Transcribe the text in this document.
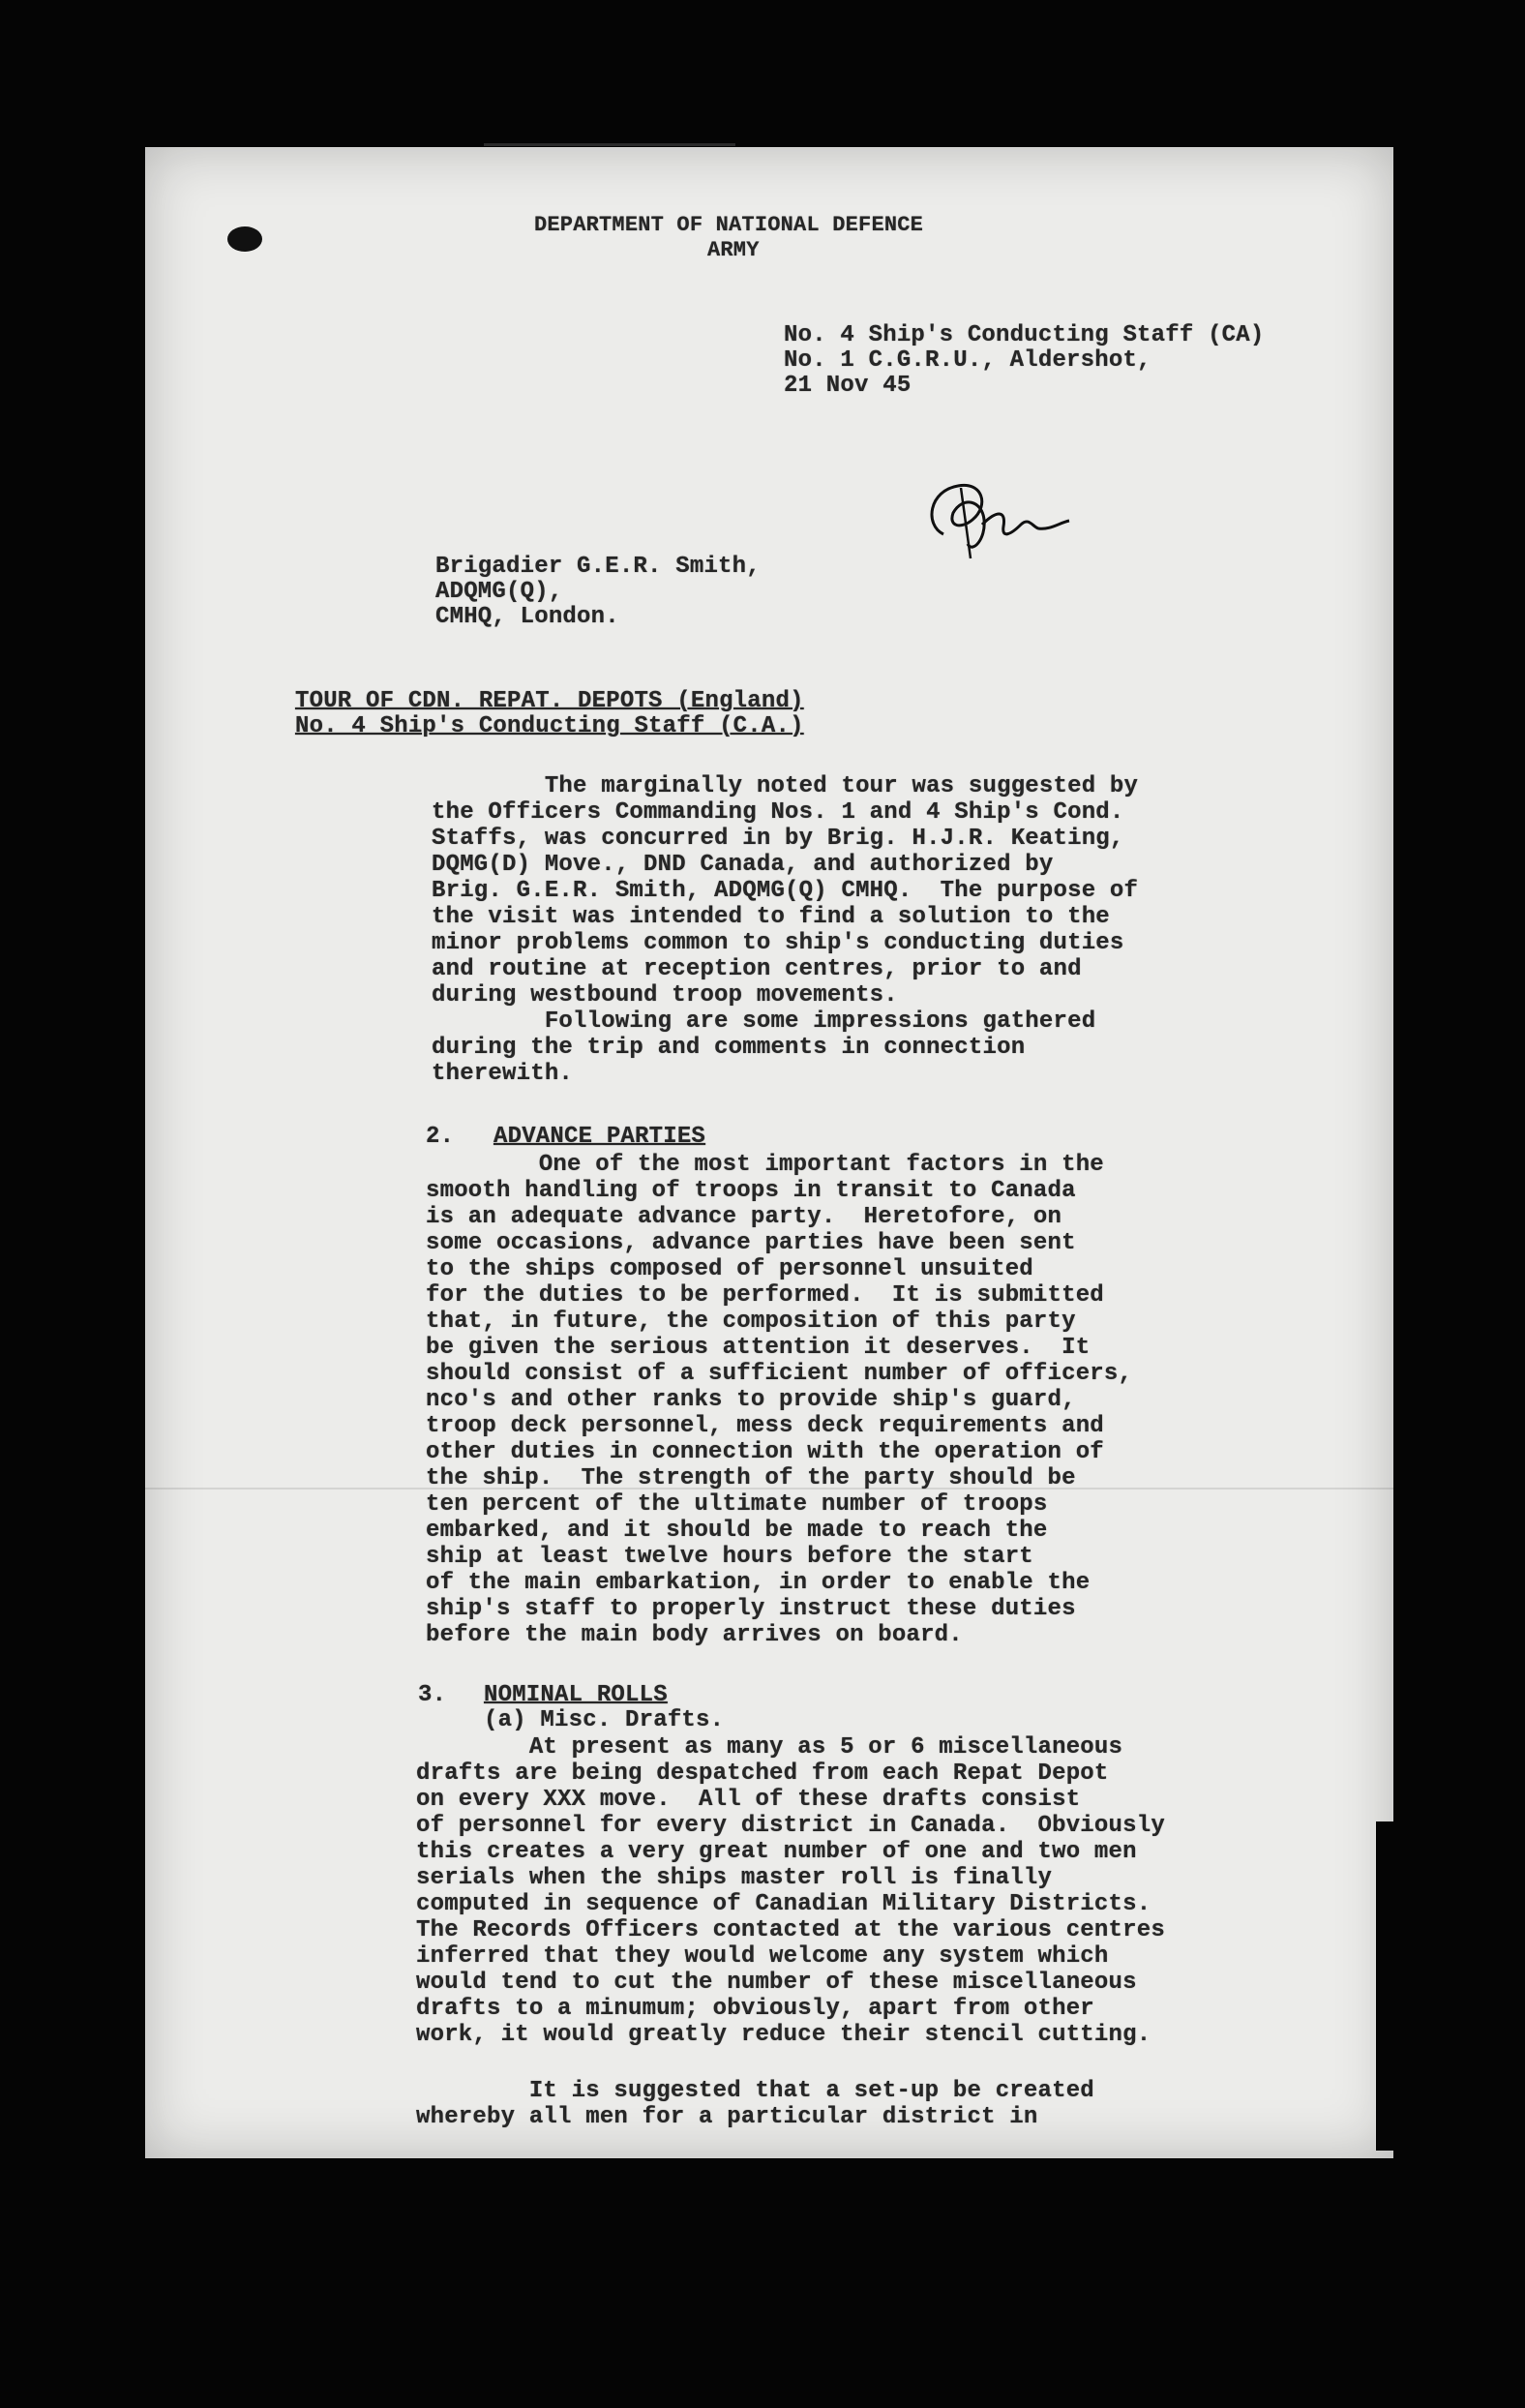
DEPARTMENT OF NATIONAL DEFENCE

ARMY

No. 4 Ship's Conducting Staff (CA)

No. 1 C.G.R.U., Aldershot,

21 Nov 45

Brigadier G.E.R. Smith,

ADQMG(Q),

CMHQ, London.

TOUR OF CDN. REPAT. DEPOTS (England)

No. 4 Ship's Conducting Staff (C.A.)

The marginally noted tour was suggested by

the Officers Commanding Nos. 1 and 4 Ship's Cond.

Staffs, was concurred in by Brig. H.J.R. Keating,

DQMG(D) Move., DND Canada, and authorized by

Brig. G.E.R. Smith, ADQMG(Q) CMHQ.  The purpose of

the visit was intended to find a solution to the

minor problems common to ship's conducting duties

and routine at reception centres, prior to and

during westbound troop movements.

Following are some impressions gathered

during the trip and comments in connection

therewith.

2. ADVANCE PARTIES

One of the most important factors in the

smooth handling of troops in transit to Canada

is an adequate advance party.  Heretofore, on

some occasions, advance parties have been sent

to the ships composed of personnel unsuited

for the duties to be performed.  It is submitted

that, in future, the composition of this party

be given the serious attention it deserves.  It

should consist of a sufficient number of officers,

nco's and other ranks to provide ship's guard,

troop deck personnel, mess deck requirements and

other duties in connection with the operation of

the ship.  The strength of the party should be

ten percent of the ultimate number of troops

embarked, and it should be made to reach the

ship at least twelve hours before the start

of the main embarkation, in order to enable the

ship's staff to properly instruct these duties

before the main body arrives on board.

3. NOMINAL ROLLS

(a) Misc. Drafts.

At present as many as 5 or 6 miscellaneous

drafts are being despatched from each Repat Depot

on every XXX move.  All of these drafts consist

of personnel for every district in Canada.  Obviously

this creates a very great number of one and two men

serials when the ships master roll is finally

computed in sequence of Canadian Military Districts.

The Records Officers contacted at the various centres

inferred that they would welcome any system which

would tend to cut the number of these miscellaneous

drafts to a minumum; obviously, apart from other

work, it would greatly reduce their stencil cutting.

It is suggested that a set-up be created

whereby all men for a particular district in
